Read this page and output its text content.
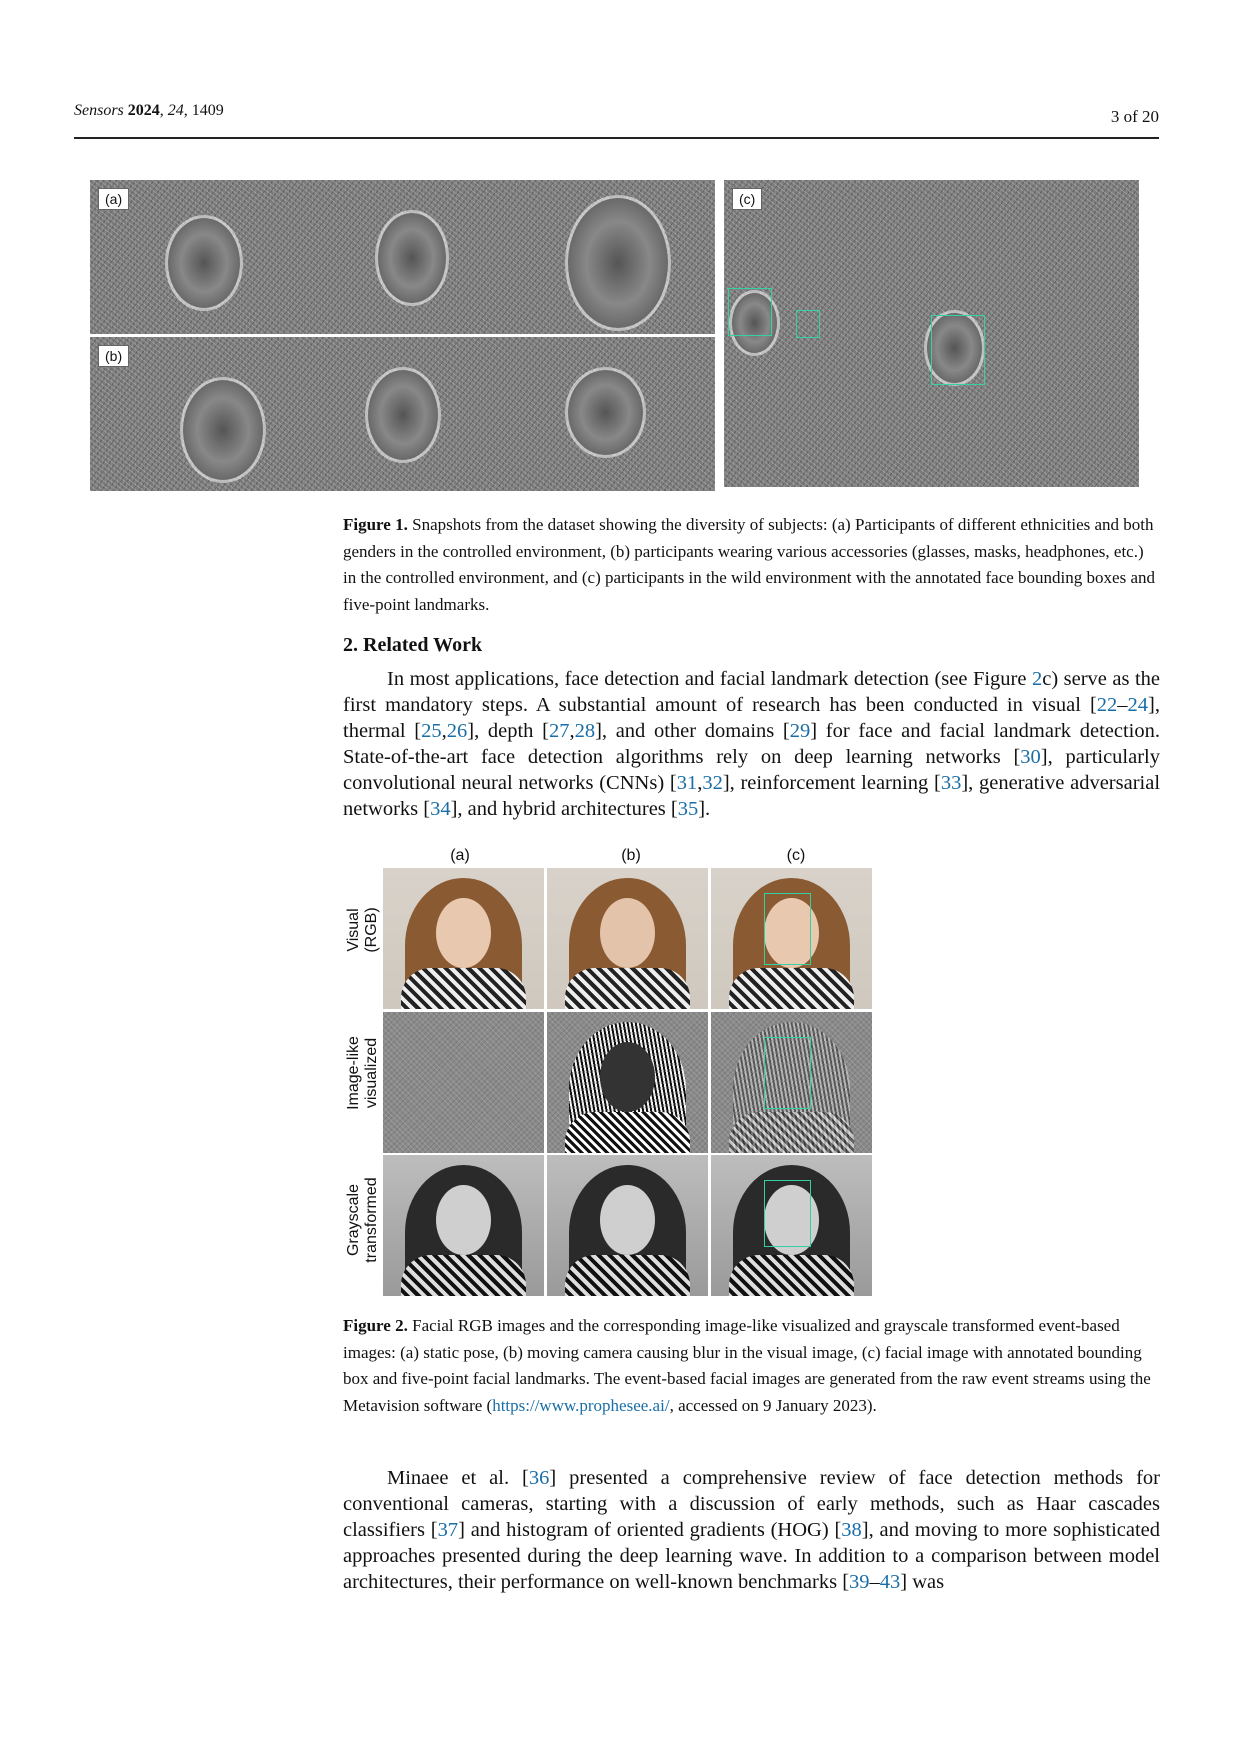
Sensors 2024, 24, 1409	3 of 20
(a)
(b)
(c)
Figure 1. Snapshots from the dataset showing the diversity of subjects: (a) Participants of different ethnicities and both genders in the controlled environment, (b) participants wearing various accessories (glasses, masks, headphones, etc.) in the controlled environment, and (c) participants in the wild environment with the annotated face bounding boxes and five-point landmarks.
2. Related Work

In most applications, face detection and facial landmark detection (see Figure 2c) serve as the first mandatory steps. A substantial amount of research has been conducted in visual [22–24], thermal [25,26], depth [27,28], and other domains [29] for face and facial landmark detection. State-of-the-art face detection algorithms rely on deep learning networks [30], particularly convolutional neural networks (CNNs) [31,32], reinforcement learning [33], generative adversarial networks [34], and hybrid architectures [35].

(a)	(b)	(c)
Visual (RGB)
Image-like visualized
Grayscale transformed
Figure 2. Facial RGB images and the corresponding image-like visualized and grayscale transformed event-based images: (a) static pose, (b) moving camera causing blur in the visual image, (c) facial image with annotated bounding box and five-point facial landmarks. The event-based facial images are generated from the raw event streams using the Metavision software (https://www.prophesee.ai/, accessed on 9 January 2023).

Minaee et al. [36] presented a comprehensive review of face detection methods for conventional cameras, starting with a discussion of early methods, such as Haar cascades classifiers [37] and histogram of oriented gradients (HOG) [38], and moving to more sophisticated approaches presented during the deep learning wave. In addition to a comparison between model architectures, their performance on well-known benchmarks [39–43] was
